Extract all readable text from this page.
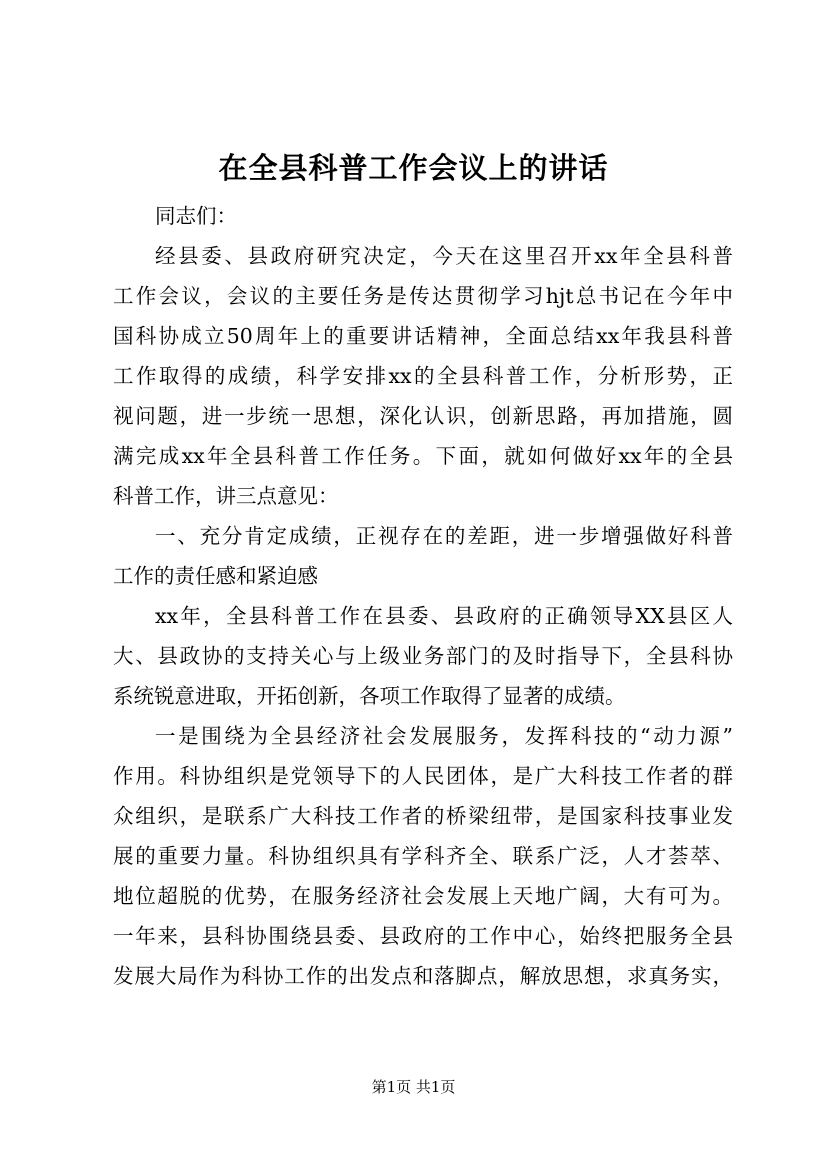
在全县科普工作会议上的讲话
同志们：
经县委、县政府研究决定，今天在这里召开xx年全县科普
工作会议，会议的主要任务是传达贯彻学习hjt总书记在今年中
国科协成立50周年上的重要讲话精神，全面总结xx年我县科普
工作取得的成绩，科学安排xx的全县科普工作，分析形势，正
视问题，进一步统一思想，深化认识，创新思路，再加措施，圆
满完成xx年全县科普工作任务。下面，就如何做好xx年的全县
科普工作，讲三点意见：
一、充分肯定成绩，正视存在的差距，进一步增强做好科普
工作的责任感和紧迫感
xx年，全县科普工作在县委、县政府的正确领导XX县区人
大、县政协的支持关心与上级业务部门的及时指导下，全县科协
系统锐意进取，开拓创新，各项工作取得了显著的成绩。
一是围绕为全县经济社会发展服务，发挥科技的“动力源”
作用。科协组织是党领导下的人民团体，是广大科技工作者的群
众组织，是联系广大科技工作者的桥梁纽带，是国家科技事业发
展的重要力量。科协组织具有学科齐全、联系广泛，人才荟萃、
地位超脱的优势，在服务经济社会发展上天地广阔，大有可为。
一年来，县科协围绕县委、县政府的工作中心，始终把服务全县
发展大局作为科协工作的出发点和落脚点，解放思想，求真务实，
第1页 共1页
